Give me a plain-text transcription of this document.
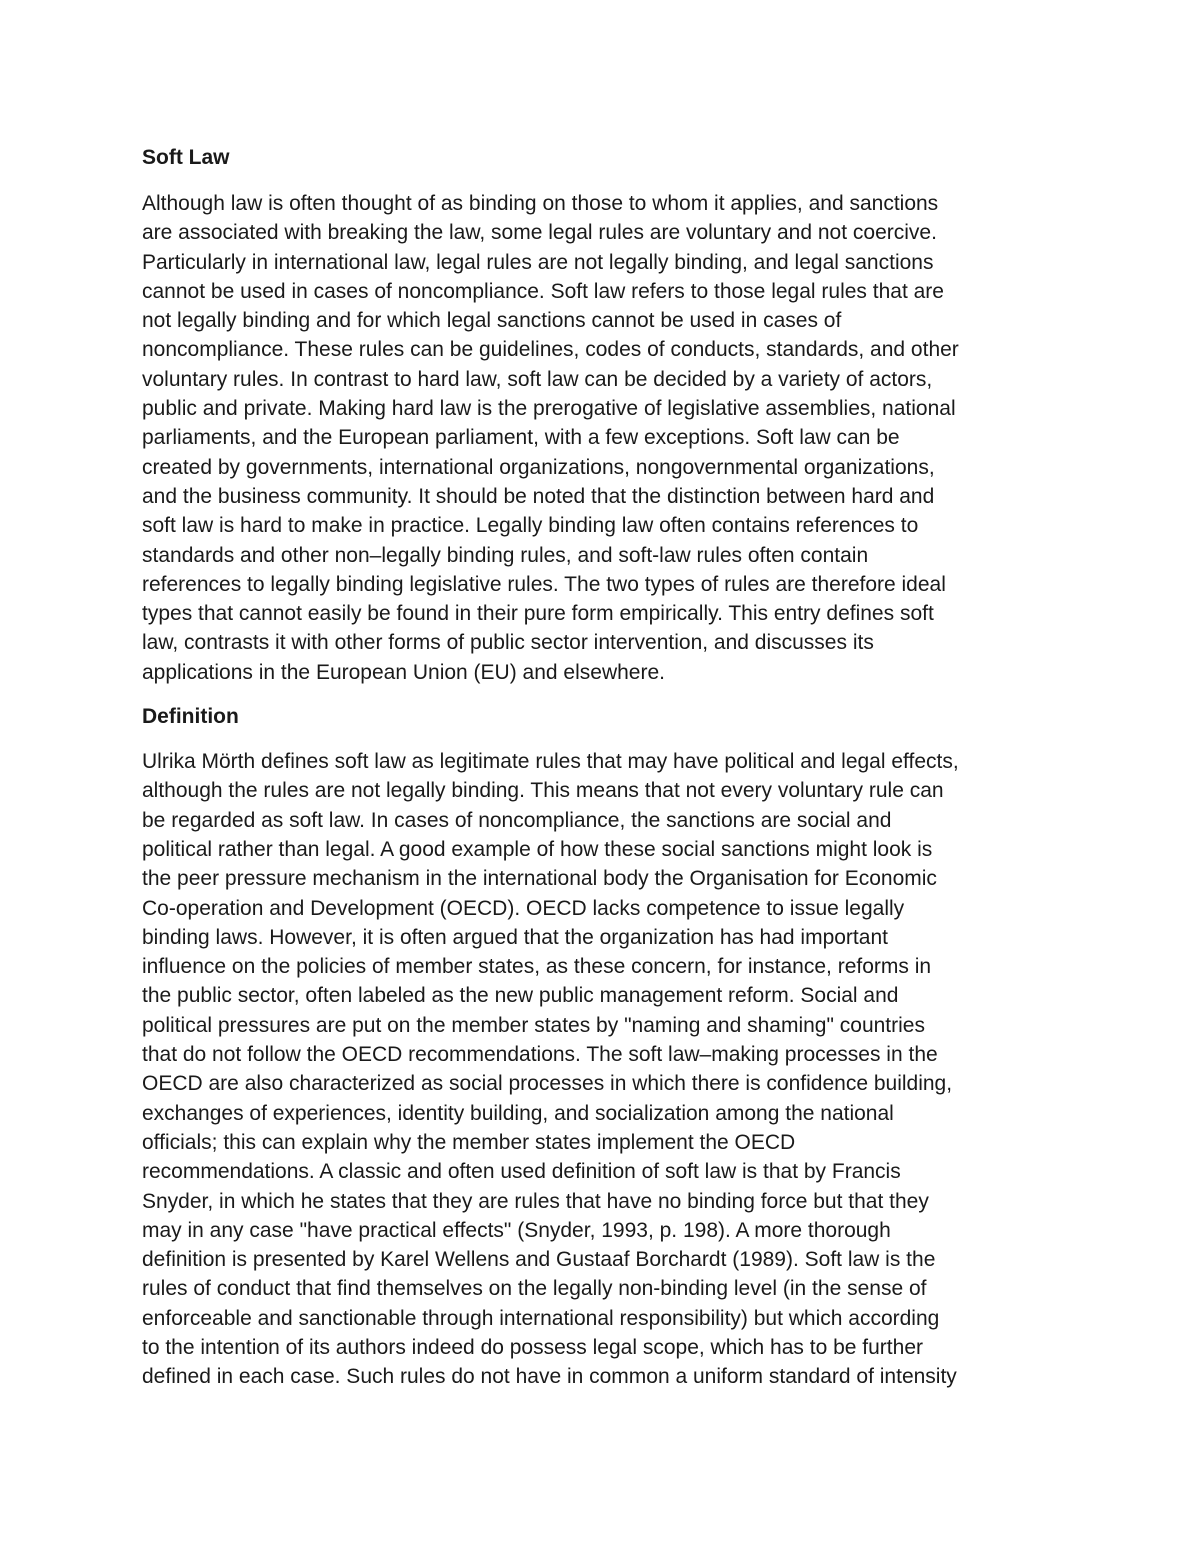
Soft Law

Although law is often thought of as binding on those to whom it applies, and sanctions
are associated with breaking the law, some legal rules are voluntary and not coercive.
Particularly in international law, legal rules are not legally binding, and legal sanctions
cannot be used in cases of noncompliance. Soft law refers to those legal rules that are
not legally binding and for which legal sanctions cannot be used in cases of
noncompliance. These rules can be guidelines, codes of conducts, standards, and other
voluntary rules. In contrast to hard law, soft law can be decided by a variety of actors,
public and private. Making hard law is the prerogative of legislative assemblies, national
parliaments, and the European parliament, with a few exceptions. Soft law can be
created by governments, international organizations, nongovernmental organizations,
and the business community. It should be noted that the distinction between hard and
soft law is hard to make in practice. Legally binding law often contains references to
standards and other non–legally binding rules, and soft-law rules often contain
references to legally binding legislative rules. The two types of rules are therefore ideal
types that cannot easily be found in their pure form empirically. This entry defines soft
law, contrasts it with other forms of public sector intervention, and discusses its
applications in the European Union (EU) and elsewhere.

Definition

Ulrika Mörth defines soft law as legitimate rules that may have political and legal effects,
although the rules are not legally binding. This means that not every voluntary rule can
be regarded as soft law. In cases of noncompliance, the sanctions are social and
political rather than legal. A good example of how these social sanctions might look is
the peer pressure mechanism in the international body the Organisation for Economic
Co-operation and Development (OECD). OECD lacks competence to issue legally
binding laws. However, it is often argued that the organization has had important
influence on the policies of member states, as these concern, for instance, reforms in
the public sector, often labeled as the new public management reform. Social and
political pressures are put on the member states by "naming and shaming" countries
that do not follow the OECD recommendations. The soft law–making processes in the
OECD are also characterized as social processes in which there is confidence building,
exchanges of experiences, identity building, and socialization among the national
officials; this can explain why the member states implement the OECD
recommendations. A classic and often used definition of soft law is that by Francis
Snyder, in which he states that they are rules that have no binding force but that they
may in any case "have practical effects" (Snyder, 1993, p. 198). A more thorough
definition is presented by Karel Wellens and Gustaaf Borchardt (1989). Soft law is the
rules of conduct that find themselves on the legally non-binding level (in the sense of
enforceable and sanctionable through international responsibility) but which according
to the intention of its authors indeed do possess legal scope, which has to be further
defined in each case. Such rules do not have in common a uniform standard of intensity
